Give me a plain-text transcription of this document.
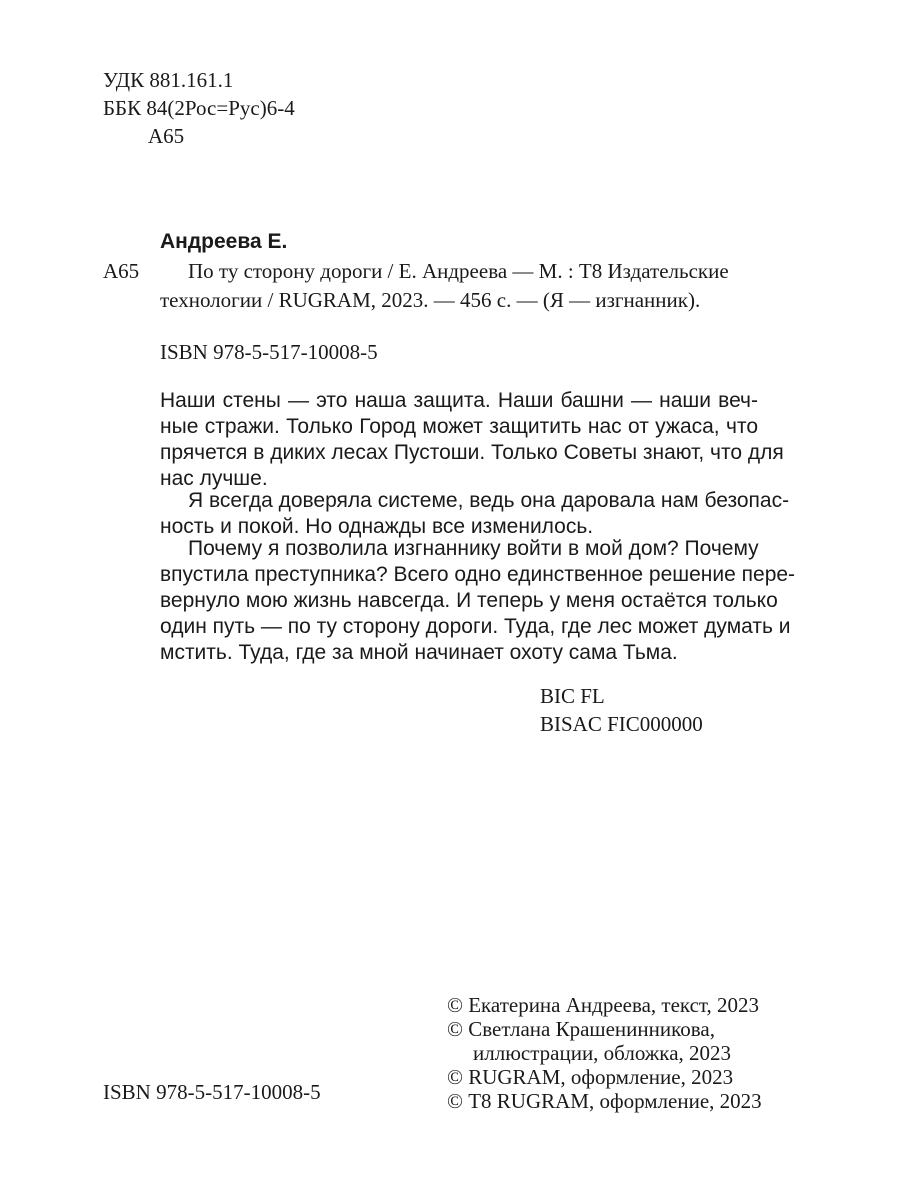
УДК 881.161.1

ББК 84(2Рос=Рус)6-4

А65

Андреева Е.

А65 По ту сторону дороги / Е. Андреева — М. : Т8 Издательские

технологии / RUGRAM, 2023. — 456 с. — (Я — изгнанник).

ISBN 978-5-517-10008-5

Наши стены — это наша защита. Наши башни — наши веч-
ные стражи. Только Город может защитить нас от ужаса, что
прячется в диких лесах Пустоши. Только Советы знают, что для
нас лучше.
Я всегда доверяла системе, ведь она даровала нам безопас-
ность и покой. Но однажды все изменилось.
Почему я позволила изгнаннику войти в мой дом? Почему
впустила преступника? Всего одно единственное решение пере-
вернуло мою жизнь навсегда. И теперь у меня остаётся только
один путь — по ту сторону дороги. Туда, где лес может думать и
мстить. Туда, где за мной начинает охоту сама Тьма.

BIC FL

BISAC FIC000000

ISBN 978-5-517-10008-5

© Екатерина Андреева, текст, 2023
© Светлана Крашенинникова,
иллюстрации, обложка, 2023
© RUGRAM, оформление, 2023
© Т8 RUGRAM, оформление, 2023
